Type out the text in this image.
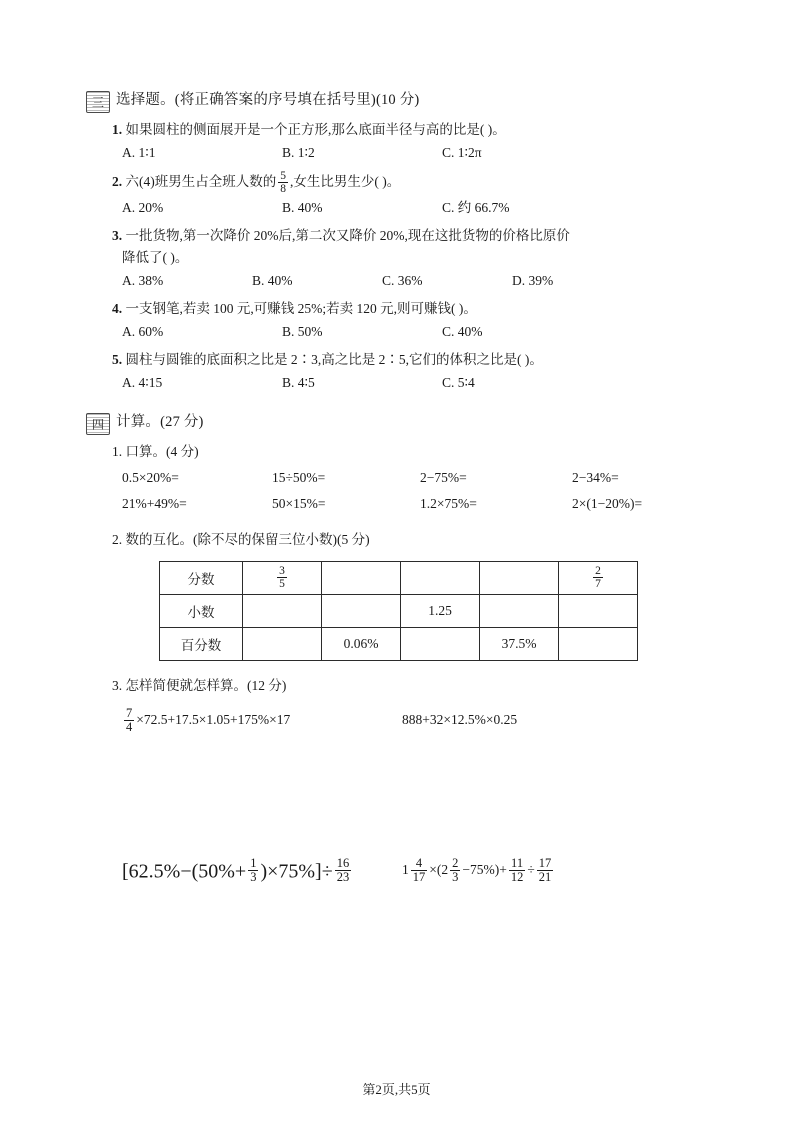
三 选择题。(将正确答案的序号填在括号里)(10 分)
1. 如果圆柱的侧面展开是一个正方形,那么底面半径与高的比是( )。
A. 1∶1	B. 1∶2	C. 1∶2π
2. 六(4)班男生占全班人数的 $\frac{5}{8}$ ,女生比男生少( )。
A. 20%	B. 40%	C. 约 66.7%
3. 一批货物,第一次降价 20%后,第二次又降价 20%,现在这批货物的价格比原价
降低了( )。
A. 38%	B. 40%	C. 36%	D. 39%
4. 一支钢笔,若卖 100 元,可赚钱 25%;若卖 120 元,则可赚钱( )。
A. 60%	B. 50%	C. 40%
5. 圆柱与圆锥的底面积之比是 2∶3,高之比是 2∶5,它们的体积之比是( )。
A. 4∶15	B. 4∶5	C. 5∶4
四 计算。(27 分)
1. 口算。(4 分)
0.5×20%=	15÷50%=	2−75%=	2−34%=
21%+49%=	50×15%=	1.2×75%=	2×(1−20%)=
2. 数的互化。(除不尽的保留三位小数)(5 分)
分数	$\frac{3}{5}$				$\frac{2}{7}$

小数			1.25		
百分数		0.06%		37.5%	
3. 怎样简便就怎样算。(12 分)
$\frac{7}{4} \times 72.5+17.5\times 1.05+175\%\times 17$	888+32×12.5%×0.25
$[62.5\%-(50\%+ \frac{1}{3} )\times 75\%]\div \frac{16}{23}$	$1 \frac{4}{17} \times(2 \frac{2}{3} -75\%)+ \frac{11}{12} \div \frac{17}{21}$
第2页,共5页
